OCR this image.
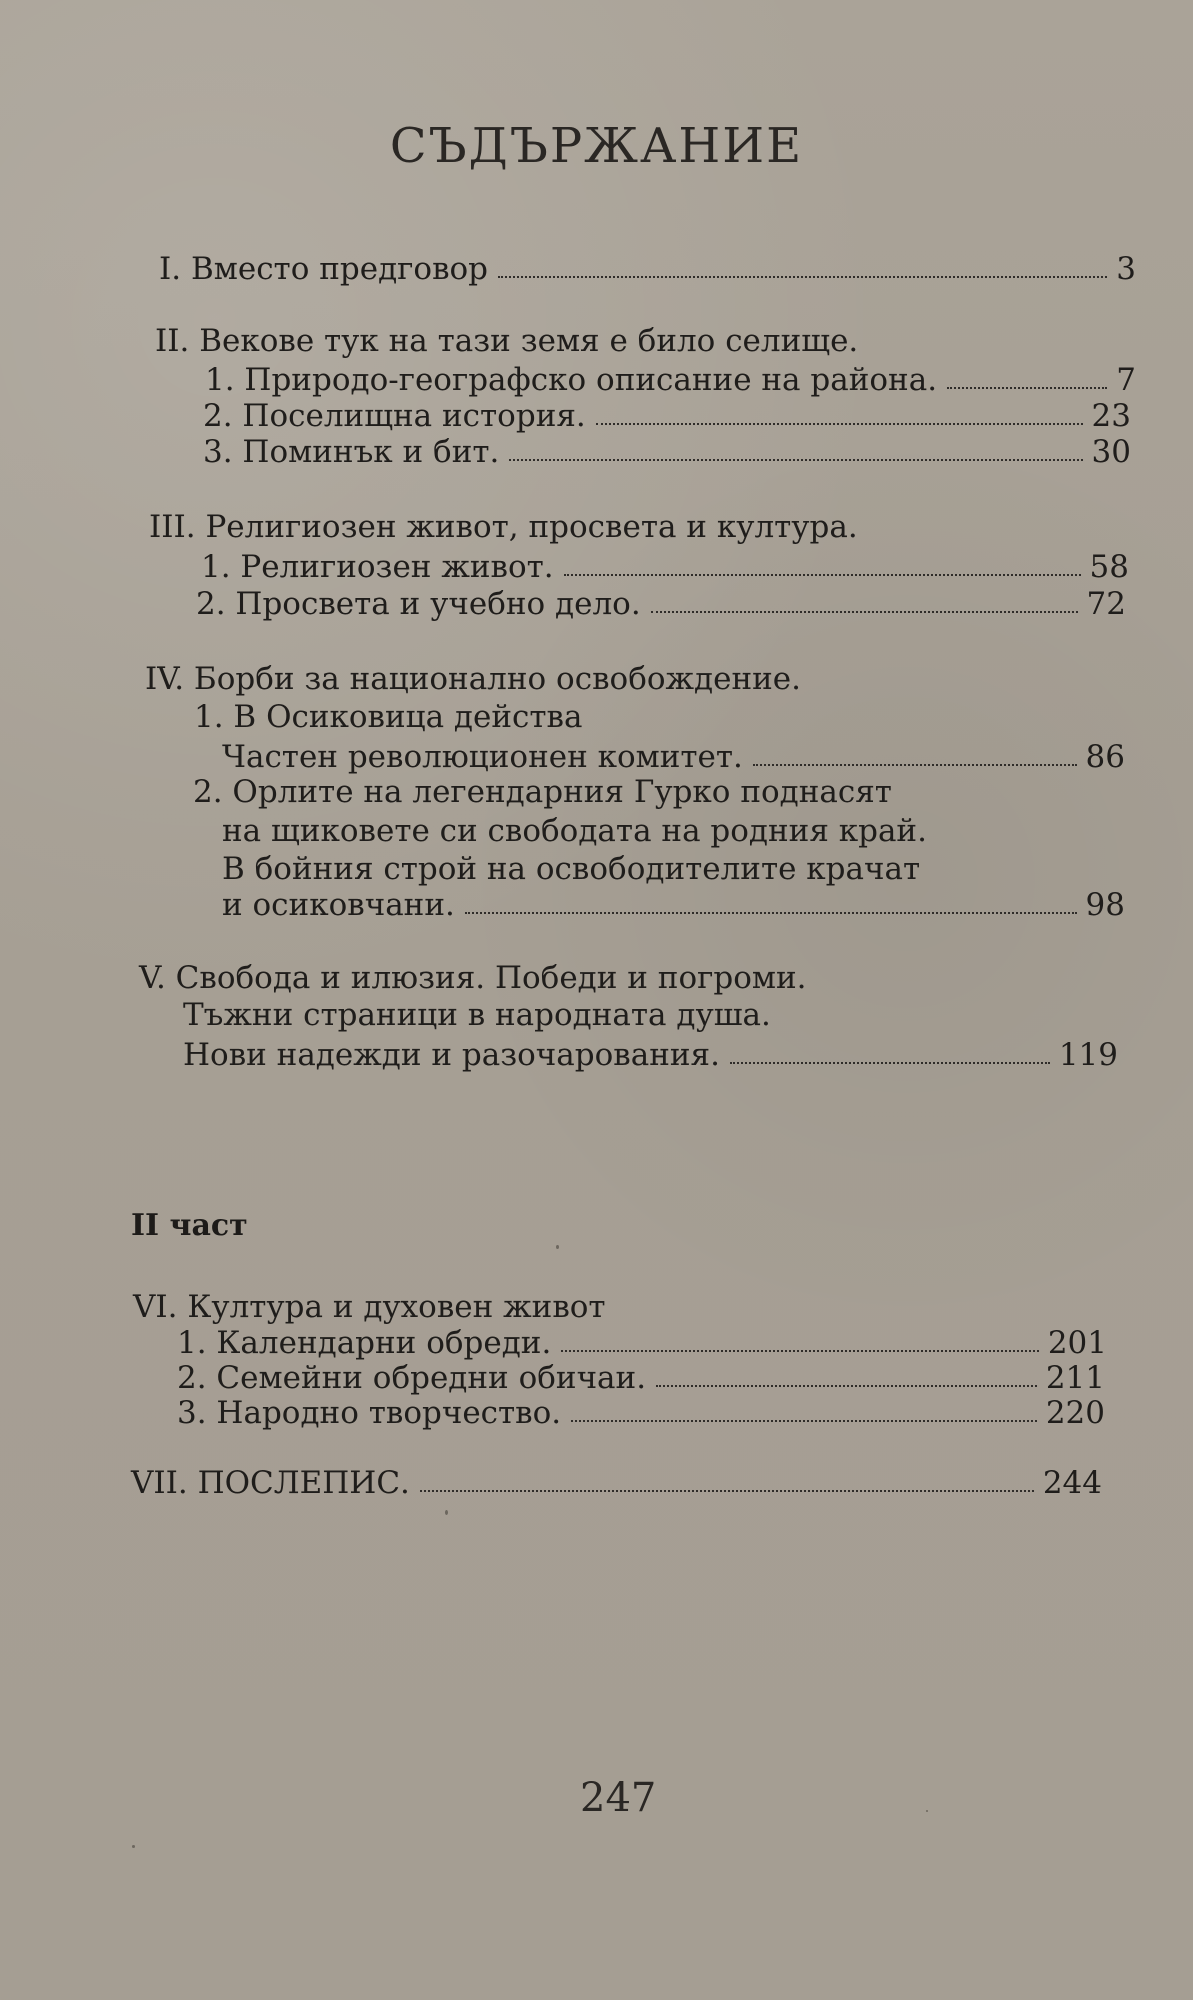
СЪДЪРЖАНИЕ
I. Вместо предговор	3
II. Векове тук на тази земя е било селище.
1. Природо-географско описание на района.	7
2. Поселищна история.	23
3. Поминък и бит.	30
III. Религиозен живот, просвета и култура.
1. Религиозен живот.	58
2. Просвета и учебно дело.	72
IV. Борби за национално освобождение.
1. В Осиковица действа
Частен революционен комитет.	86
2. Орлите на легендарния Гурко поднасят
на щиковете си свободата на родния край.
В бойния строй на освободителите крачат
и осиковчани.	98
V. Свобода и илюзия. Победи и погроми.
Тъжни страници в народната душа.
Нови надежди и разочарования.	119
II част
VI. Култура и духовен живот
1. Календарни обреди.	201
2. Семейни обредни обичаи.	211
3. Народно творчество.	220
VII. ПОСЛЕПИС.	244
247
